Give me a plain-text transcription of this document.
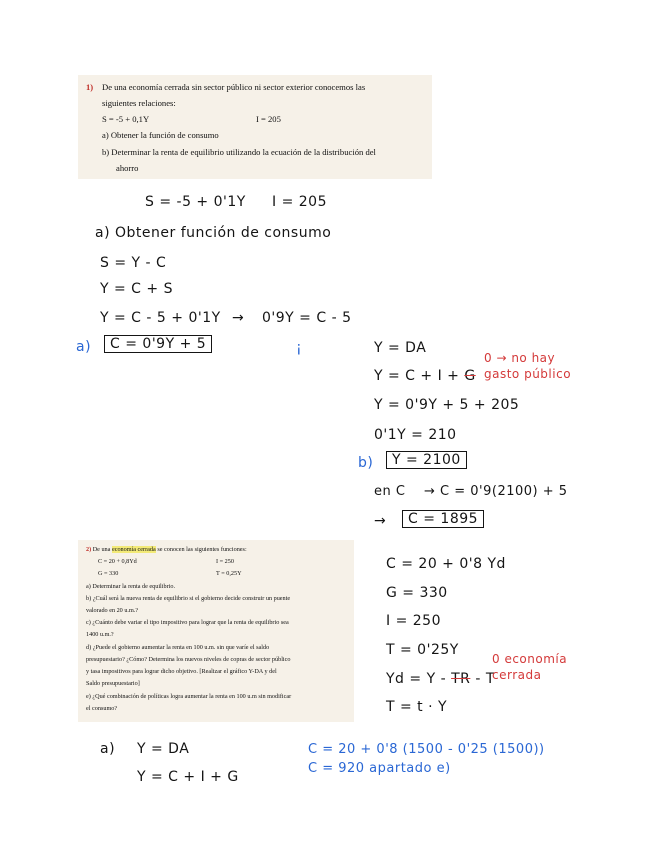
1) De una economía cerrada sin sector público ni sector exterior conocemos las
siguientes relaciones:
S = -5 + 0,1Y	I = 205
a) Obtener la función de consumo
b) Determinar la renta de equilibrio utilizando la ecuación de la distribución del
ahorro
S = -5 + 0'1Y I = 205
a) Obtener función de consumo
S = Y - C
Y = C + S
Y = C - 5 + 0'1Y → 0'9Y = C - 5
a)	C = 0'9Y + 5	¡	Y = DA
Y = C + I + G
0 → no hay gasto público
Y = 0'9Y + 5 + 205
0'1Y = 210
b)	Y = 2100
en C → C = 0'9(2100) + 5
→	C = 1895
2) De una economía cerrada se conocen las siguientes funciones:
C = 20 + 0,8Yd	I = 250
G = 330	T = 0,25Y
a) Determinar la renta de equilibrio.
b) ¿Cuál será la nueva renta de equilibrio si el gobierno decide construir un puente
valorado en 20 u.m.?
c) ¿Cuánto debe variar el tipo impositivo para lograr que la renta de equilibrio sea
1400 u.m.?
d) ¿Puede el gobierno aumentar la renta en 100 u.m. sin que varíe el saldo
presupuestario? ¿Cómo? Determina los nuevos niveles de copras de sector público
y tasa impositivos para lograr dicho objetivo. [Realizar el gráfico Y-DA y del
Saldo presupuestario]
e) ¿Qué combinación de políticas logra aumentar la renta en 100 u.m sin modificar
el consumo?
C = 20 + 0'8 Yd
G = 330
I = 250
T = 0'25Y
Yd = Y - TR - T
0 economía cerrada
T = t · Y
a) Y = DA
Y = C + I + G
C = 20 + 0'8 (1500 - 0'25 (1500))
C = 920 apartado e)
